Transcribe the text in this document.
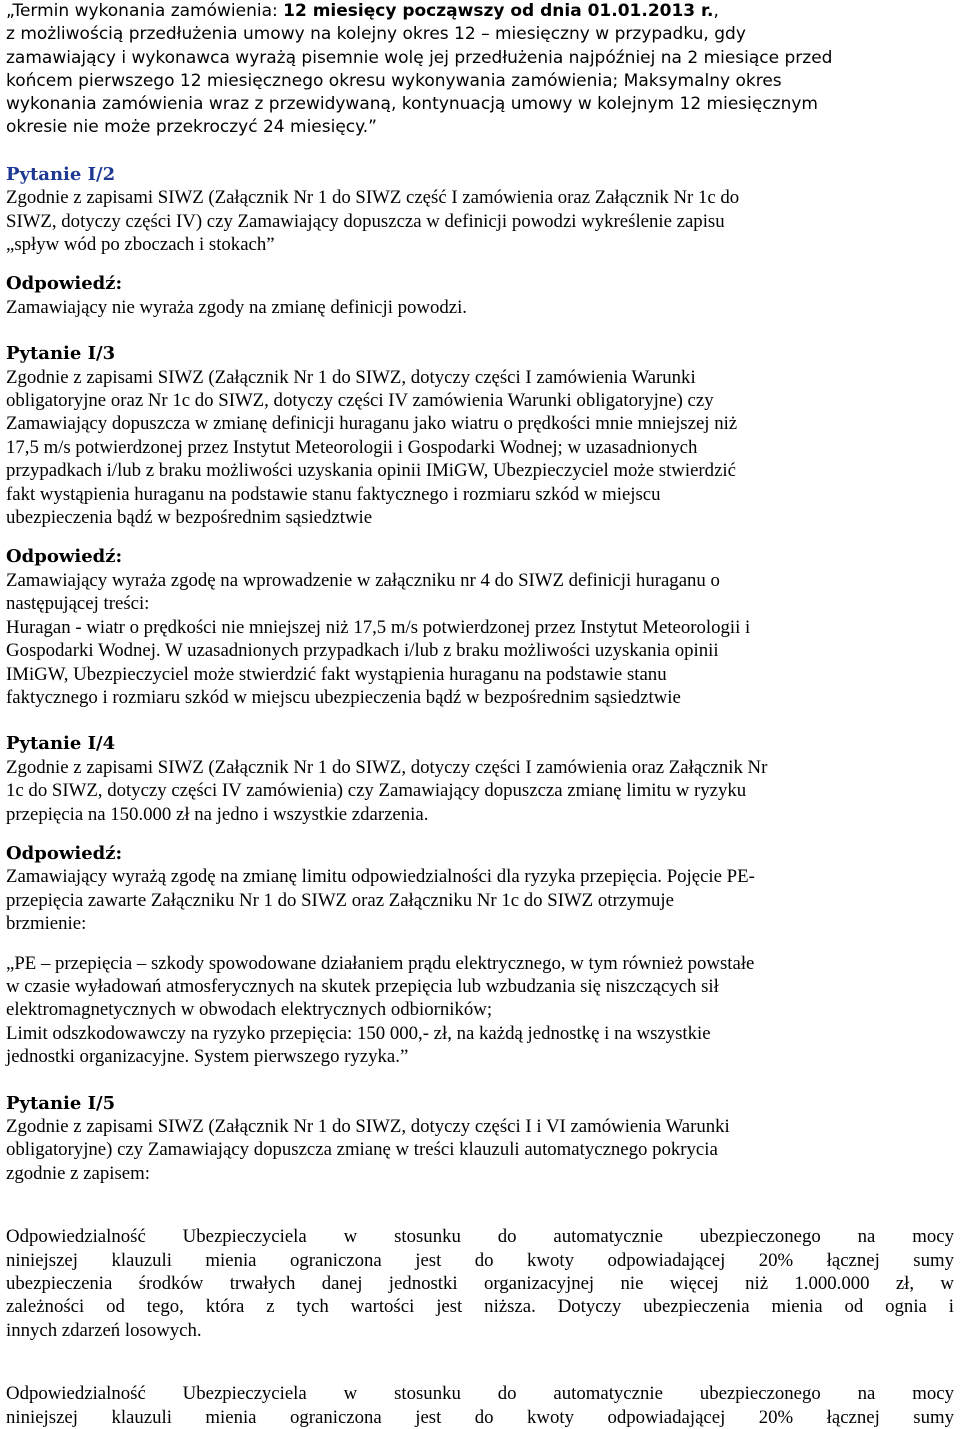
„Termin wykonania zamówienia: 12 miesięcy począwszy od dnia 01.01.2013 r.,

z możliwością przedłużenia umowy na kolejny okres 12 – miesięczny w przypadku, gdy

zamawiający i wykonawca wyrażą pisemnie wolę jej przedłużenia najpóźniej na 2 miesiące przed

końcem pierwszego 12 miesięcznego okresu wykonywania zamówienia; Maksymalny okres

wykonania zamówienia wraz z przewidywaną, kontynuacją umowy w kolejnym 12 miesięcznym

okresie nie może przekroczyć 24 miesięcy.”

Pytanie I/2

Zgodnie z zapisami SIWZ (Załącznik Nr 1 do SIWZ część I zamówienia oraz Załącznik Nr 1c do

SIWZ, dotyczy części IV) czy Zamawiający dopuszcza w definicji powodzi wykreślenie zapisu

„spływ wód po zboczach i stokach”

Odpowiedź:

Zamawiający nie wyraża zgody na zmianę definicji powodzi.

Pytanie I/3

Zgodnie z zapisami SIWZ (Załącznik Nr 1 do SIWZ, dotyczy części I zamówienia Warunki

obligatoryjne oraz Nr 1c do SIWZ, dotyczy części IV zamówienia Warunki obligatoryjne) czy

Zamawiający dopuszcza w zmianę definicji huraganu jako wiatru o prędkości mnie mniejszej niż

17,5 m/s potwierdzonej przez Instytut Meteorologii i Gospodarki Wodnej; w uzasadnionych

przypadkach i/lub z braku możliwości uzyskania opinii IMiGW, Ubezpieczyciel może stwierdzić

fakt wystąpienia huraganu na podstawie stanu faktycznego i rozmiaru szkód w miejscu

ubezpieczenia bądź w bezpośrednim sąsiedztwie

Odpowiedź:

Zamawiający wyraża zgodę na wprowadzenie w załączniku nr 4 do SIWZ definicji huraganu o

następującej treści:

Huragan - wiatr o prędkości nie mniejszej niż 17,5 m/s potwierdzonej przez Instytut Meteorologii i

Gospodarki Wodnej. W uzasadnionych przypadkach i/lub z braku możliwości uzyskania opinii

IMiGW, Ubezpieczyciel może stwierdzić fakt wystąpienia huraganu na podstawie stanu

faktycznego i rozmiaru szkód w miejscu ubezpieczenia bądź w bezpośrednim sąsiedztwie

Pytanie I/4

Zgodnie z zapisami SIWZ (Załącznik Nr 1 do SIWZ, dotyczy części I zamówienia oraz Załącznik Nr

1c do SIWZ, dotyczy części IV zamówienia) czy Zamawiający dopuszcza zmianę limitu w ryzyku

przepięcia na 150.000 zł na jedno i wszystkie zdarzenia.

Odpowiedź:

Zamawiający wyrażą zgodę na zmianę limitu odpowiedzialności dla ryzyka przepięcia. Pojęcie PE-

przepięcia zawarte Załączniku Nr 1 do SIWZ oraz Załączniku Nr 1c do SIWZ otrzymuje

brzmienie:

„PE – przepięcia – szkody spowodowane działaniem prądu elektrycznego, w tym również powstałe

w czasie wyładowań atmosferycznych na skutek przepięcia lub wzbudzania się niszczących sił

elektromagnetycznych w obwodach elektrycznych odbiorników;

Limit odszkodowawczy na ryzyko przepięcia: 150 000,- zł, na każdą jednostkę i na wszystkie

jednostki organizacyjne. System pierwszego ryzyka.”

Pytanie I/5

Zgodnie z zapisami SIWZ (Załącznik Nr 1 do SIWZ, dotyczy części I i VI zamówienia Warunki

obligatoryjne) czy Zamawiający dopuszcza zmianę w treści klauzuli automatycznego pokrycia

zgodnie z zapisem:

Odpowiedzialność Ubezpieczyciela w stosunku do automatycznie ubezpieczonego na mocy

niniejszej klauzuli mienia ograniczona jest do kwoty odpowiadającej 20% łącznej sumy

ubezpieczenia środków trwałych danej jednostki organizacyjnej nie więcej niż 1.000.000 zł, w

zależności od tego, która z tych wartości jest niższa. Dotyczy ubezpieczenia mienia od ognia i

innych zdarzeń losowych.

Odpowiedzialność Ubezpieczyciela w stosunku do automatycznie ubezpieczonego na mocy

niniejszej klauzuli mienia ograniczona jest do kwoty odpowiadającej 20% łącznej sumy
